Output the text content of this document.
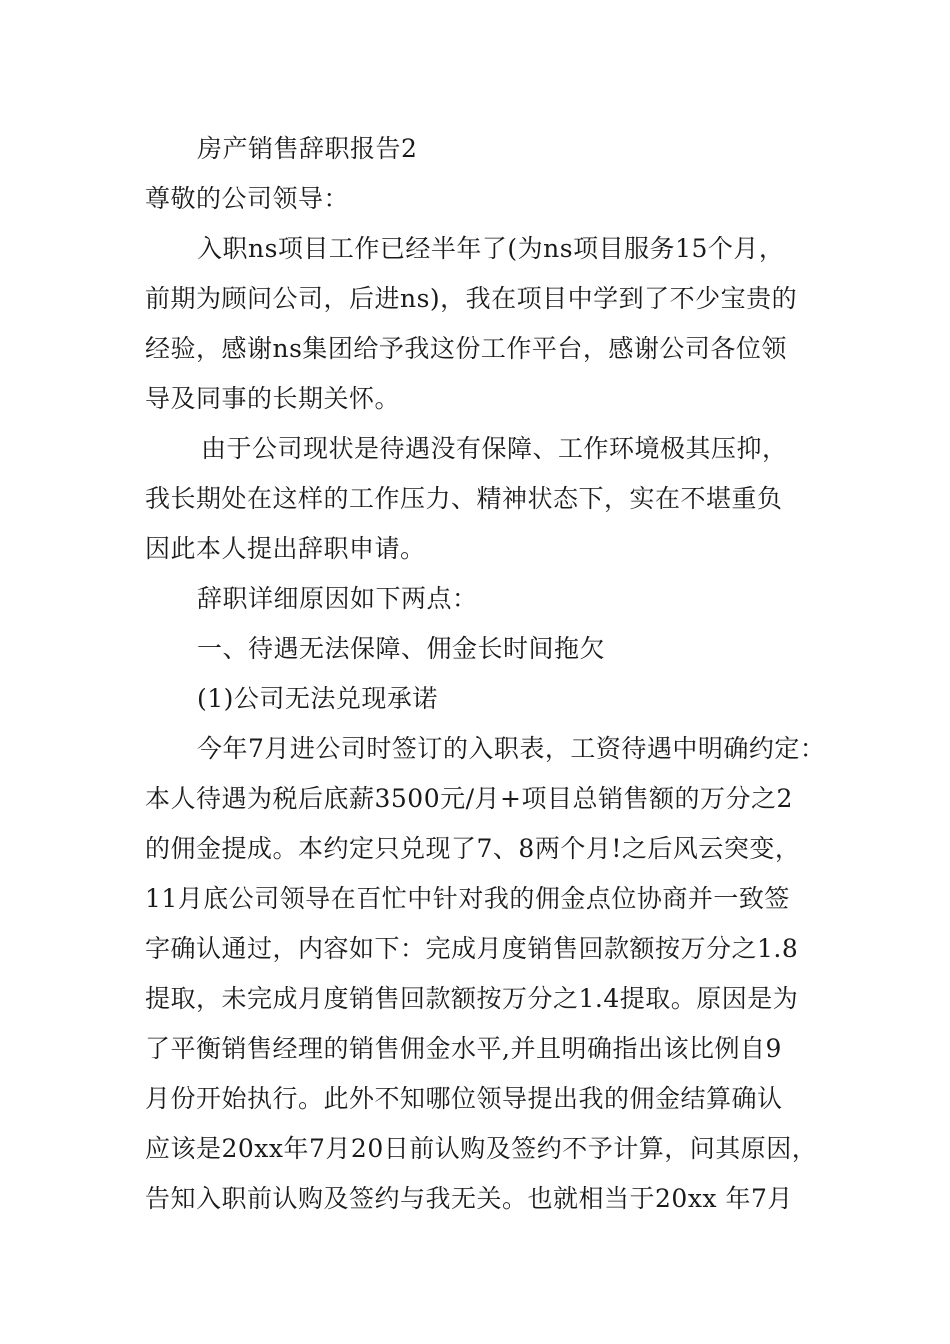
房产销售辞职报告2
尊敬的公司领导：
入职ns项目工作已经半年了(为ns项目服务15个月，
前期为顾问公司，后进ns)，我在项目中学到了不少宝贵的
经验，感谢ns集团给予我这份工作平台，感谢公司各位领
导及同事的长期关怀。
由于公司现状是待遇没有保障、工作环境极其压抑，
我长期处在这样的工作压力、精神状态下，实在不堪重负
因此本人提出辞职申请。
辞职详细原因如下两点：
一、待遇无法保障、佣金长时间拖欠
(1)公司无法兑现承诺
今年7月进公司时签订的入职表，工资待遇中明确约定：
本人待遇为税后底薪3500元/月+项目总销售额的万分之2
的佣金提成。本约定只兑现了7、8两个月!之后风云突变，
11月底公司领导在百忙中针对我的佣金点位协商并一致签
字确认通过，内容如下：完成月度销售回款额按万分之1.8
提取，未完成月度销售回款额按万分之1.4提取。原因是为
了平衡销售经理的销售佣金水平,并且明确指出该比例自9
月份开始执行。此外不知哪位领导提出我的佣金结算确认
应该是20xx年7月20日前认购及签约不予计算，问其原因，
告知入职前认购及签约与我无关。也就相当于20xx 年7月
